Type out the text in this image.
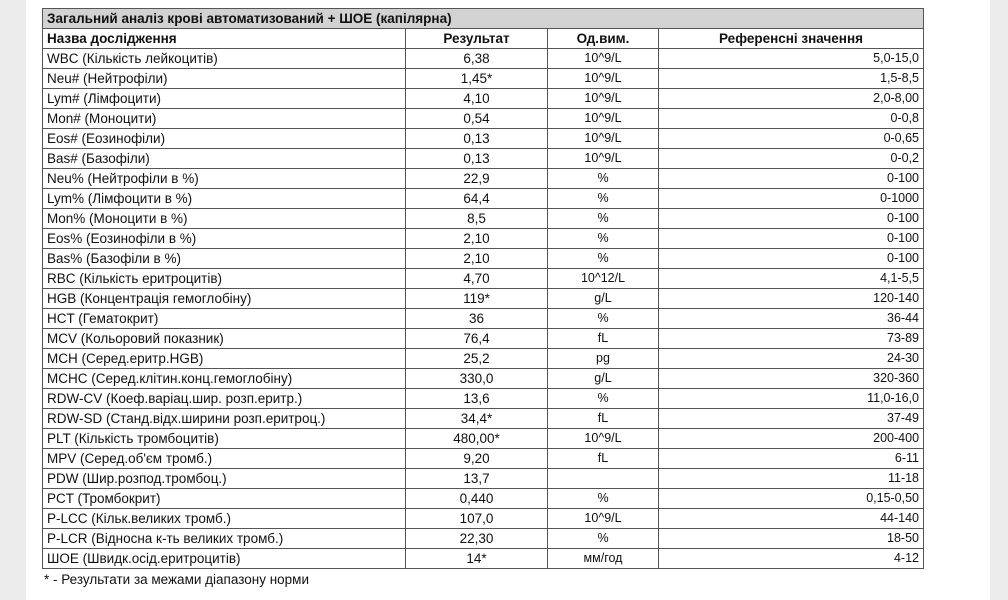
Загальний аналіз крові автоматизований + ШОЕ (капілярна)			
Назва дослідження	Результат	Од.вим.	Референсні значення
WBC (Кількість лейкоцитів)	6,38	10^9/L	5,0-15,0
Neu# (Нейтрофіли)	1,45*	10^9/L	1,5-8,5
Lym# (Лімфоцити)	4,10	10^9/L	2,0-8,00
Mon# (Моноцити)	0,54	10^9/L	0-0,8
Eos# (Еозинофіли)	0,13	10^9/L	0-0,65
Bas# (Базофіли)	0,13	10^9/L	0-0,2
Neu% (Нейтрофіли в %)	22,9	%	0-100
Lym% (Лімфоцити в %)	64,4	%	0-1000
Mon% (Моноцити в %)	8,5	%	0-100
Eos% (Еозинофіли в %)	2,10	%	0-100
Bas% (Базофіли в %)	2,10	%	0-100
RBC (Кількість еритроцитів)	4,70	10^12/L	4,1-5,5
HGB (Концентрація гемоглобіну)	119*	g/L	120-140
HCT (Гематокрит)	36	%	36-44
MCV (Кольоровий показник)	76,4	fL	73-89
MCH (Серед.еритр.HGB)	25,2	pg	24-30
MCHC (Серед.клітин.конц.гемоглобіну)	330,0	g/L	320-360
RDW-CV (Коеф.варіац.шир. розп.еритр.)	13,6	%	11,0-16,0
RDW-SD (Станд.відх.ширини розп.еритроц.)	34,4*	fL	37-49
PLT (Кількість тромбоцитів)	480,00*	10^9/L	200-400
MPV (Серед.об'єм тромб.)	9,20	fL	6-11
PDW (Шир.розпод.тромбоц.)	13,7		11-18
PCT (Тромбокрит)	0,440	%	0,15-0,50
P-LCC (Кільк.великих тромб.)	107,0	10^9/L	44-140
P-LCR (Відносна к-ть великих тромб.)	22,30	%	18-50
ШОЕ (Швидк.осід.еритроцитів)	14*	мм/год	4-12
* - Результати за межами діапазону норми
